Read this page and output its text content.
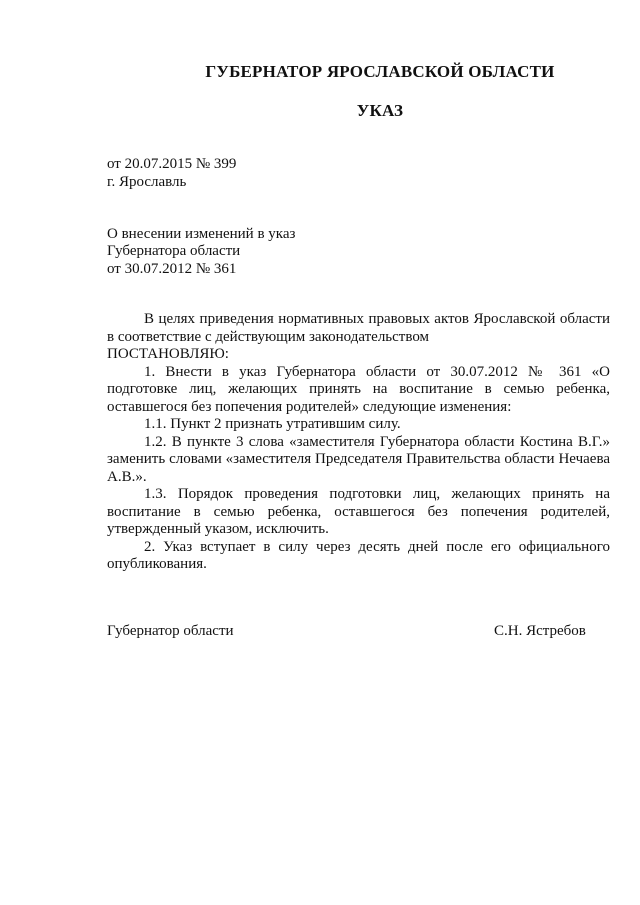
ГУБЕРНАТОР ЯРОСЛАВСКОЙ ОБЛАСТИ
УКАЗ
от 20.07.2015 № 399
г. Ярославль
О внесении изменений в указ
Губернатора области
от 30.07.2012 № 361

В целях приведения нормативных правовых актов Ярославской области в соответствие с действующим законодательством

ПОСТАНОВЛЯЮ:

1. Внести в указ Губернатора области от 30.07.2012 № 361 «О подготовке лиц, желающих принять на воспитание в семью ребенка, оставшегося без попечения родителей» следующие изменения:

1.1. Пункт 2 признать утратившим силу.

1.2. В пункте 3 слова «заместителя Губернатора области Костина В.Г.» заменить словами «заместителя Председателя Правительства области Нечаева А.В.».

1.3. Порядок проведения подготовки лиц, желающих принять на воспитание в семью ребенка, оставшегося без попечения родителей, утвержденный указом, исключить.

2. Указ вступает в силу через десять дней после его официального опубликования.

Губернатор области	С.Н. Ястребов
